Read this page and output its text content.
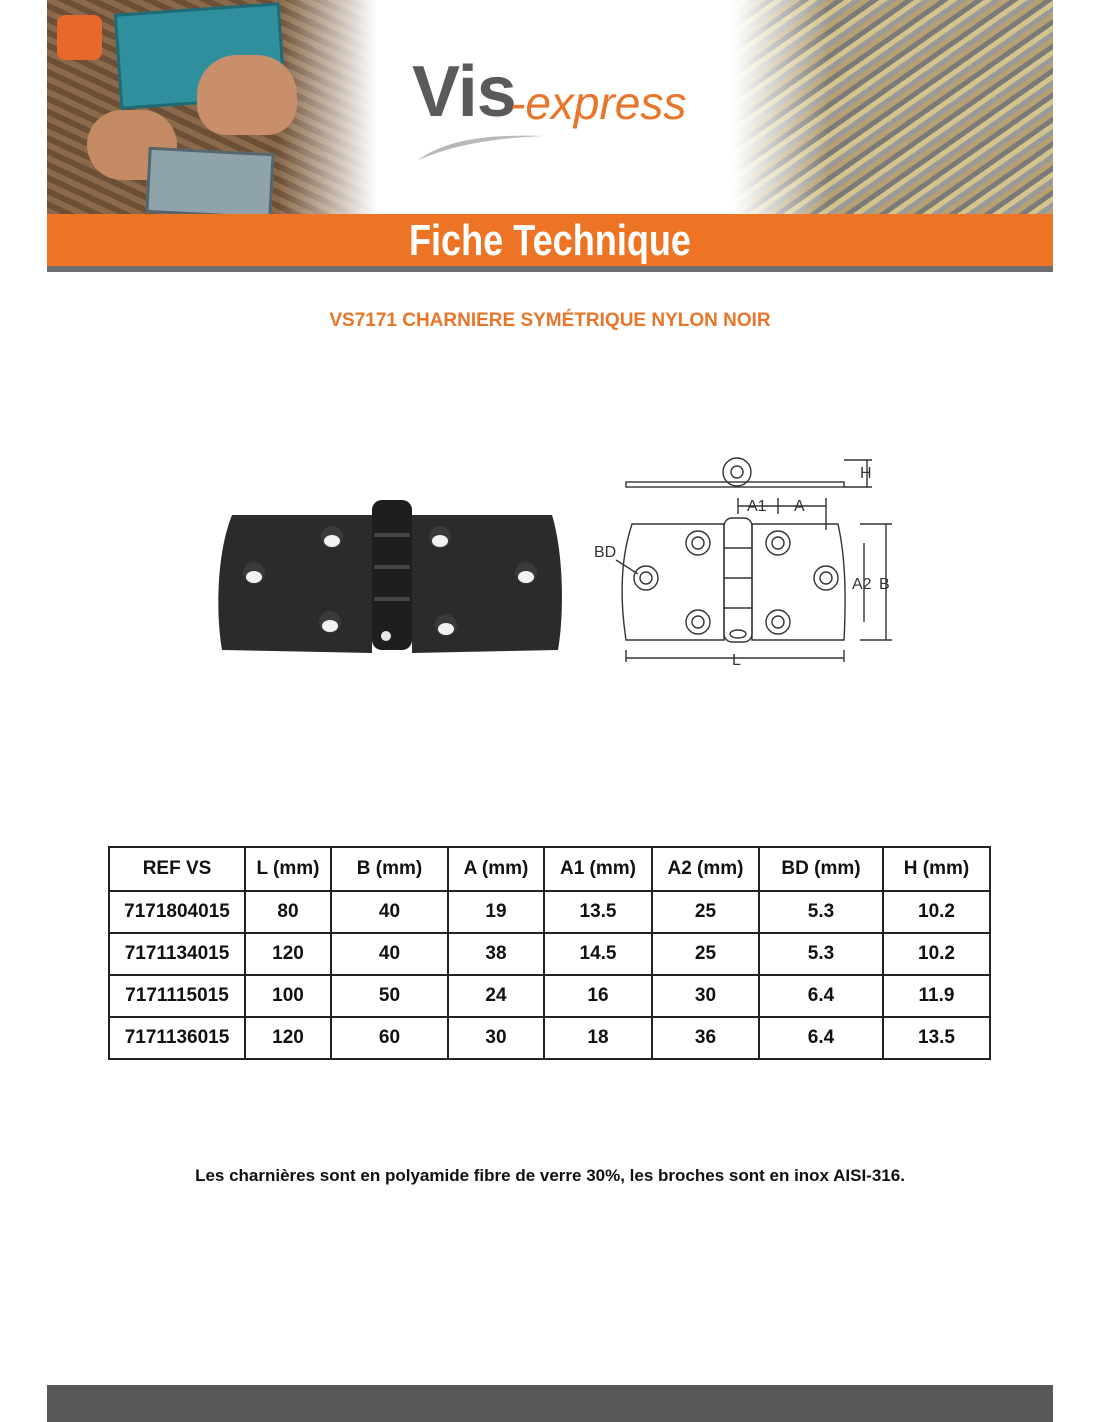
Vis
-express
Fiche Technique
VS7171 CHARNIERE SYMÉTRIQUE NYLON NOIR
H
A1 A
BD
A2 B
L
REF VS	L (mm)	B (mm)	A (mm)	A1 (mm)	A2 (mm)	BD (mm)	H (mm)
7171804015	80	40	19	13.5	25	5.3	10.2
7171134015	120	40	38	14.5	25	5.3	10.2
7171115015	100	50	24	16	30	6.4	11.9
7171136015	120	60	30	18	36	6.4	13.5
Les charnières sont en polyamide fibre de verre 30%, les broches sont en inox AISI-316.
